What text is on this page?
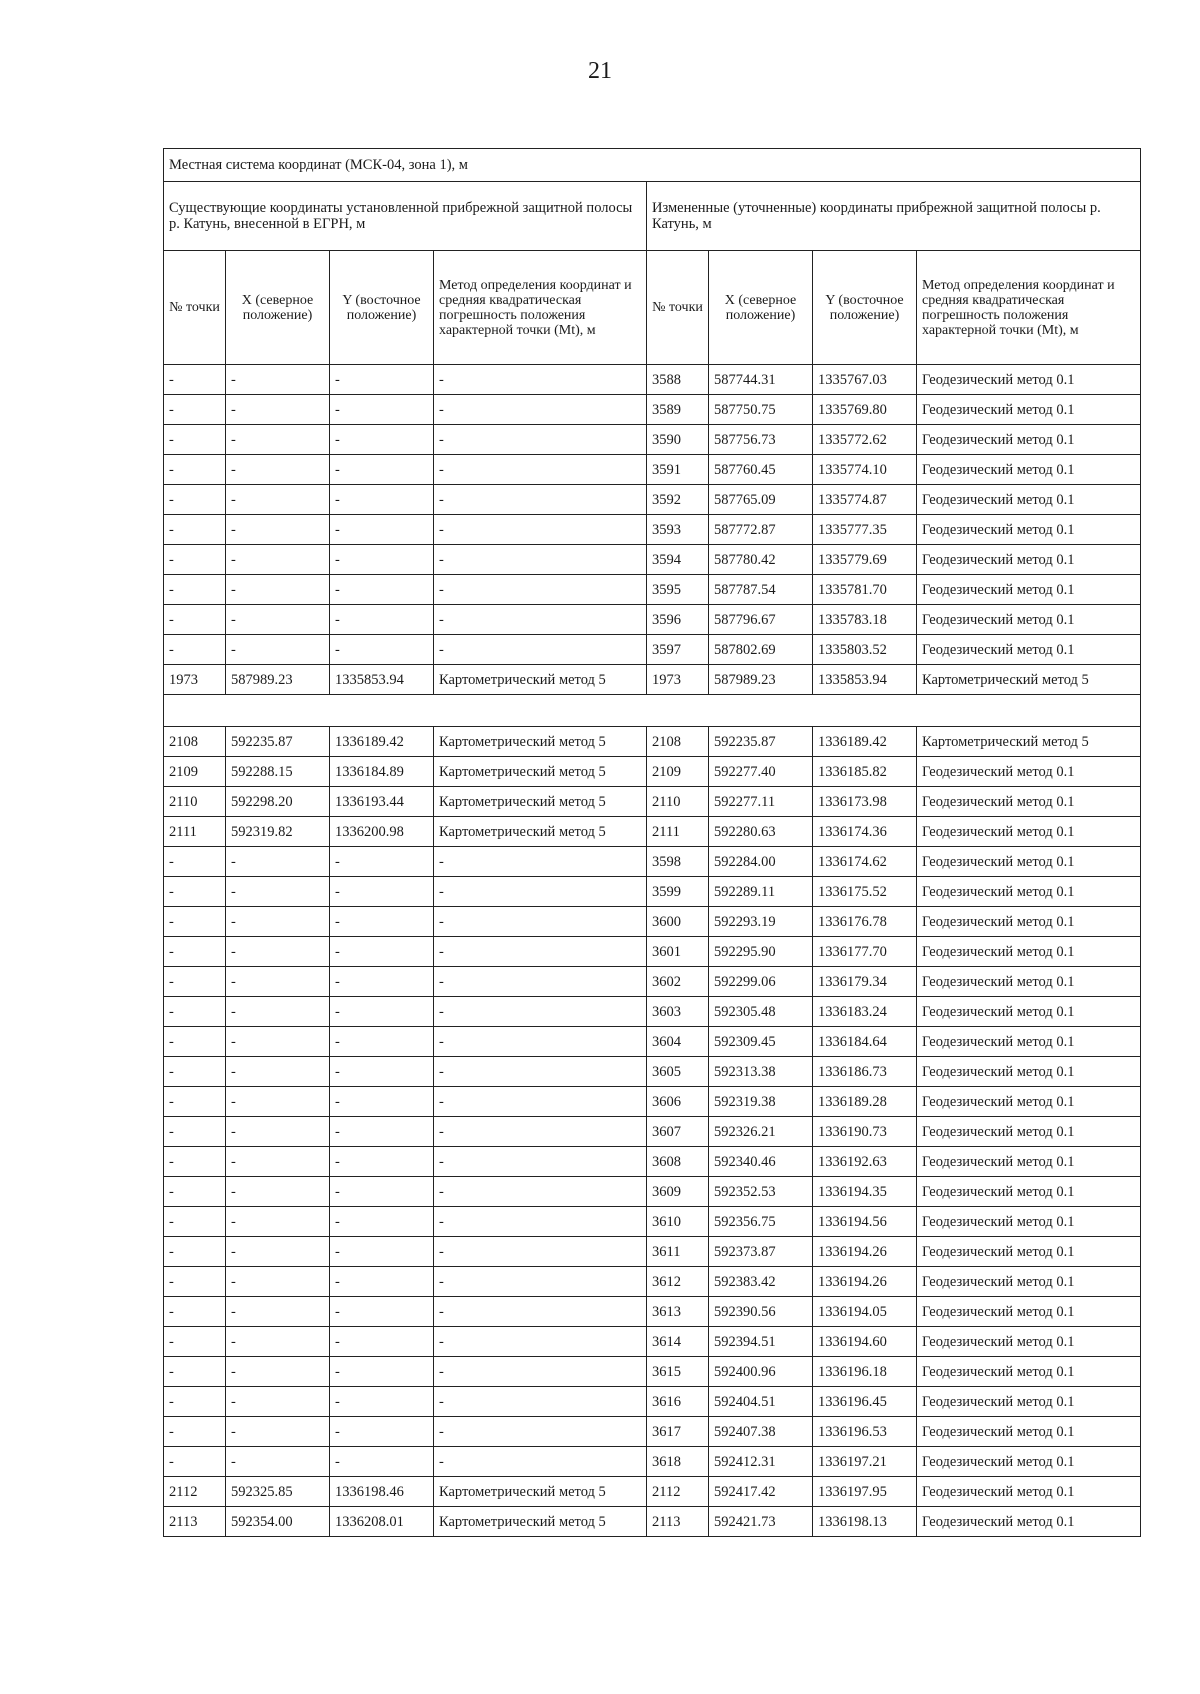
21
Местная система координат (МСК-04, зона 1), м							
Существующие координаты установленной прибрежной защитной полосы р. Катунь, внесенной в ЕГРН, м				Измененные (уточненные) координаты прибрежной защитной полосы р. Катунь, м			
№ точки	X (северное положение)	Y (восточное положение)	Метод определения координат и средняя квадратическая погрешность положения характерной точки (Mt), м	№ точки	X (северное положение)	Y (восточное положение)	Метод определения координат и средняя квадратическая погрешность положения характерной точки (Mt), м
-	-	-	-	3588	587744.31	1335767.03	Геодезический метод 0.1
-	-	-	-	3589	587750.75	1335769.80	Геодезический метод 0.1
-	-	-	-	3590	587756.73	1335772.62	Геодезический метод 0.1
-	-	-	-	3591	587760.45	1335774.10	Геодезический метод 0.1
-	-	-	-	3592	587765.09	1335774.87	Геодезический метод 0.1
-	-	-	-	3593	587772.87	1335777.35	Геодезический метод 0.1
-	-	-	-	3594	587780.42	1335779.69	Геодезический метод 0.1
-	-	-	-	3595	587787.54	1335781.70	Геодезический метод 0.1
-	-	-	-	3596	587796.67	1335783.18	Геодезический метод 0.1
-	-	-	-	3597	587802.69	1335803.52	Геодезический метод 0.1
1973	587989.23	1335853.94	Картометрический метод 5	1973	587989.23	1335853.94	Картометрический метод 5

2108	592235.87	1336189.42	Картометрический метод 5	2108	592235.87	1336189.42	Картометрический метод 5
2109	592288.15	1336184.89	Картометрический метод 5	2109	592277.40	1336185.82	Геодезический метод 0.1
2110	592298.20	1336193.44	Картометрический метод 5	2110	592277.11	1336173.98	Геодезический метод 0.1
2111	592319.82	1336200.98	Картометрический метод 5	2111	592280.63	1336174.36	Геодезический метод 0.1
-	-	-	-	3598	592284.00	1336174.62	Геодезический метод 0.1
-	-	-	-	3599	592289.11	1336175.52	Геодезический метод 0.1
-	-	-	-	3600	592293.19	1336176.78	Геодезический метод 0.1
-	-	-	-	3601	592295.90	1336177.70	Геодезический метод 0.1
-	-	-	-	3602	592299.06	1336179.34	Геодезический метод 0.1
-	-	-	-	3603	592305.48	1336183.24	Геодезический метод 0.1
-	-	-	-	3604	592309.45	1336184.64	Геодезический метод 0.1
-	-	-	-	3605	592313.38	1336186.73	Геодезический метод 0.1
-	-	-	-	3606	592319.38	1336189.28	Геодезический метод 0.1
-	-	-	-	3607	592326.21	1336190.73	Геодезический метод 0.1
-	-	-	-	3608	592340.46	1336192.63	Геодезический метод 0.1
-	-	-	-	3609	592352.53	1336194.35	Геодезический метод 0.1
-	-	-	-	3610	592356.75	1336194.56	Геодезический метод 0.1
-	-	-	-	3611	592373.87	1336194.26	Геодезический метод 0.1
-	-	-	-	3612	592383.42	1336194.26	Геодезический метод 0.1
-	-	-	-	3613	592390.56	1336194.05	Геодезический метод 0.1
-	-	-	-	3614	592394.51	1336194.60	Геодезический метод 0.1
-	-	-	-	3615	592400.96	1336196.18	Геодезический метод 0.1
-	-	-	-	3616	592404.51	1336196.45	Геодезический метод 0.1
-	-	-	-	3617	592407.38	1336196.53	Геодезический метод 0.1
-	-	-	-	3618	592412.31	1336197.21	Геодезический метод 0.1
2112	592325.85	1336198.46	Картометрический метод 5	2112	592417.42	1336197.95	Геодезический метод 0.1
2113	592354.00	1336208.01	Картометрический метод 5	2113	592421.73	1336198.13	Геодезический метод 0.1
